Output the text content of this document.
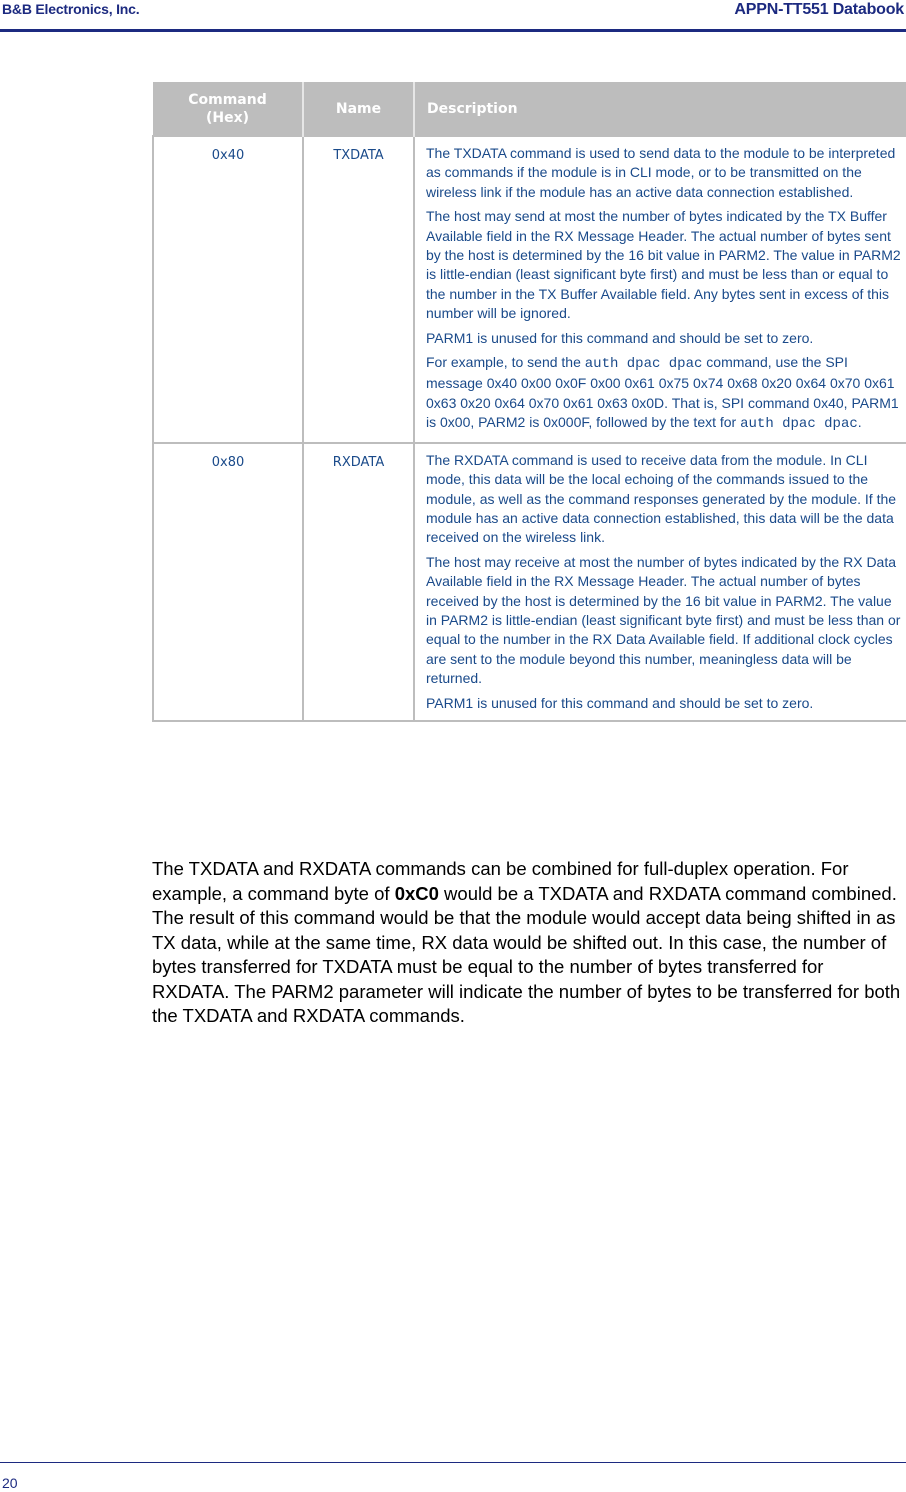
B&B Electronics, Inc.	APPN-TT551 Databook
Command (Hex)	Name	Description
0x40	TXDATA	The TXDATA command is used to send data to the module to be interpreted as commands if the module is in CLI mode, or to be transmitted on the wireless link if the module has an active data connection established.

The host may send at most the number of bytes indicated by the TX Buffer Available field in the RX Message Header. The actual number of bytes sent by the host is determined by the 16 bit value in PARM2. The value in PARM2 is little-endian (least significant byte first) and must be less than or equal to the number in the TX Buffer Available field. Any bytes sent in excess of this number will be ignored.

PARM1 is unused for this command and should be set to zero.

For example, to send the auth dpac dpac command, use the SPI message 0x40 0x00 0x0F 0x00 0x61 0x75 0x74 0x68 0x20 0x64 0x70 0x61 0x63 0x20 0x64 0x70 0x61 0x63 0x0D. That is, SPI command 0x40, PARM1 is 0x00, PARM2 is 0x000F, followed by the text for auth dpac dpac.

0x80	RXDATA	The RXDATA command is used to receive data from the module. In CLI mode, this data will be the local echoing of the commands issued to the module, as well as the command responses generated by the module. If the module has an active data connection established, this data will be the data received on the wireless link.

The host may receive at most the number of bytes indicated by the RX Data Available field in the RX Message Header. The actual number of bytes received by the host is determined by the 16 bit value in PARM2. The value in PARM2 is little-endian (least significant byte first) and must be less than or equal to the number in the RX Data Available field. If additional clock cycles are sent to the module beyond this number, meaningless data will be returned.

PARM1 is unused for this command and should be set to zero.

The TXDATA and RXDATA commands can be combined for full-duplex operation. For example, a command byte of 0xC0 would be a TXDATA and RXDATA command combined. The result of this command would be that the module would accept data being shifted in as TX data, while at the same time, RX data would be shifted out. In this case, the number of bytes transferred for TXDATA must be equal to the number of bytes transferred for RXDATA. The PARM2 parameter will indicate the number of bytes to be transferred for both the TXDATA and RXDATA commands.
20
